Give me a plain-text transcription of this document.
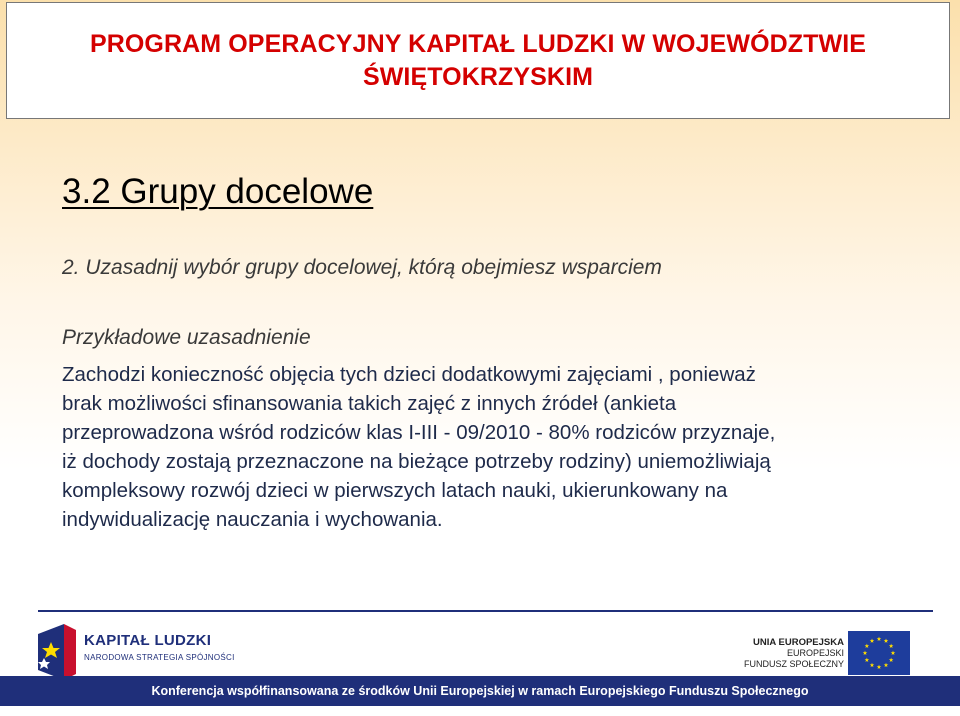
PROGRAM OPERACYJNY KAPITAŁ LUDZKI W WOJEWÓDZTWIE
ŚWIĘTOKRZYSKIM
3.2 Grupy docelowe
2. Uzasadnij wybór grupy docelowej, którą obejmiesz wsparciem
Przykładowe uzasadnienie
Zachodzi konieczność objęcia tych dzieci dodatkowymi zajęciami , ponieważ
brak możliwości sfinansowania takich zajęć z innych źródeł (ankieta
przeprowadzona wśród rodziców klas I-III - 09/2010 - 80% rodziców przyznaje,
iż dochody zostają przeznaczone na bieżące potrzeby rodziny) uniemożliwiają
kompleksowy rozwój dzieci w pierwszych latach nauki, ukierunkowany na
indywidualizację nauczania i wychowania.
KAPITAŁ LUDZKI
NARODOWA STRATEGIA SPÓJNOŚCI
UNIA EUROPEJSKA
EUROPEJSKI
FUNDUSZ SPOŁECZNY
Konferencja współfinansowana ze środków Unii Europejskiej w ramach Europejskiego Funduszu Społecznego
